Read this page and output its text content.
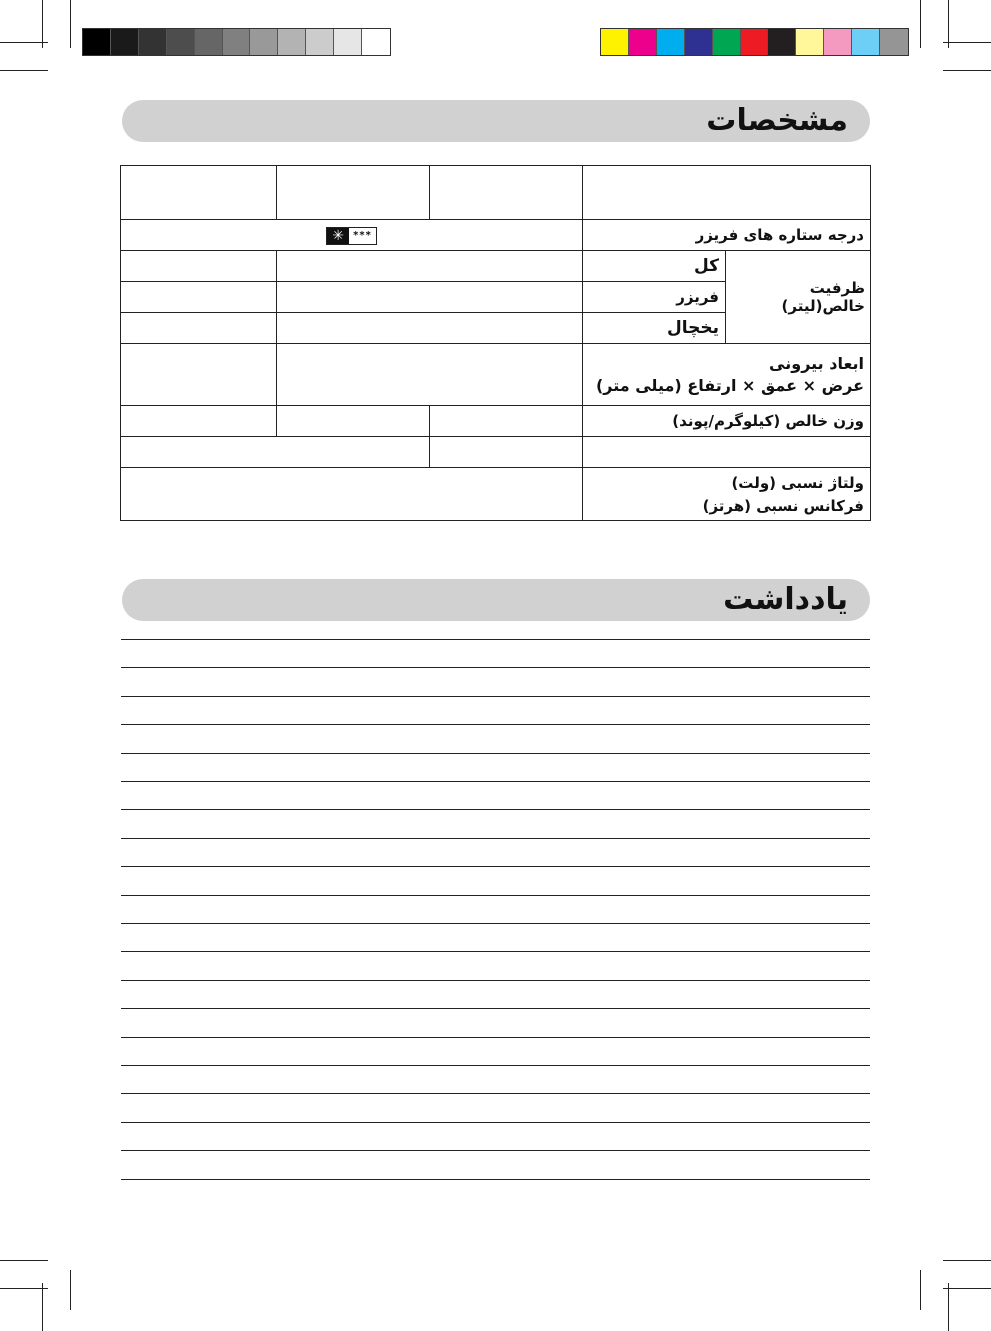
مشخصات

درجه ستاره های فریزر		✳ ***		

ظرفیت خالص(لیتر)	کل			
	فریزر			
	یخچال			

ابعاد بیرونی
عرض × عمق × ارتفاع (میلی متر)				

وزن خالص (کیلوگرم/پوند)				

ولتاژ نسبی (ولت)
فرکانس نسبی (هرتز)				

یادداشت
